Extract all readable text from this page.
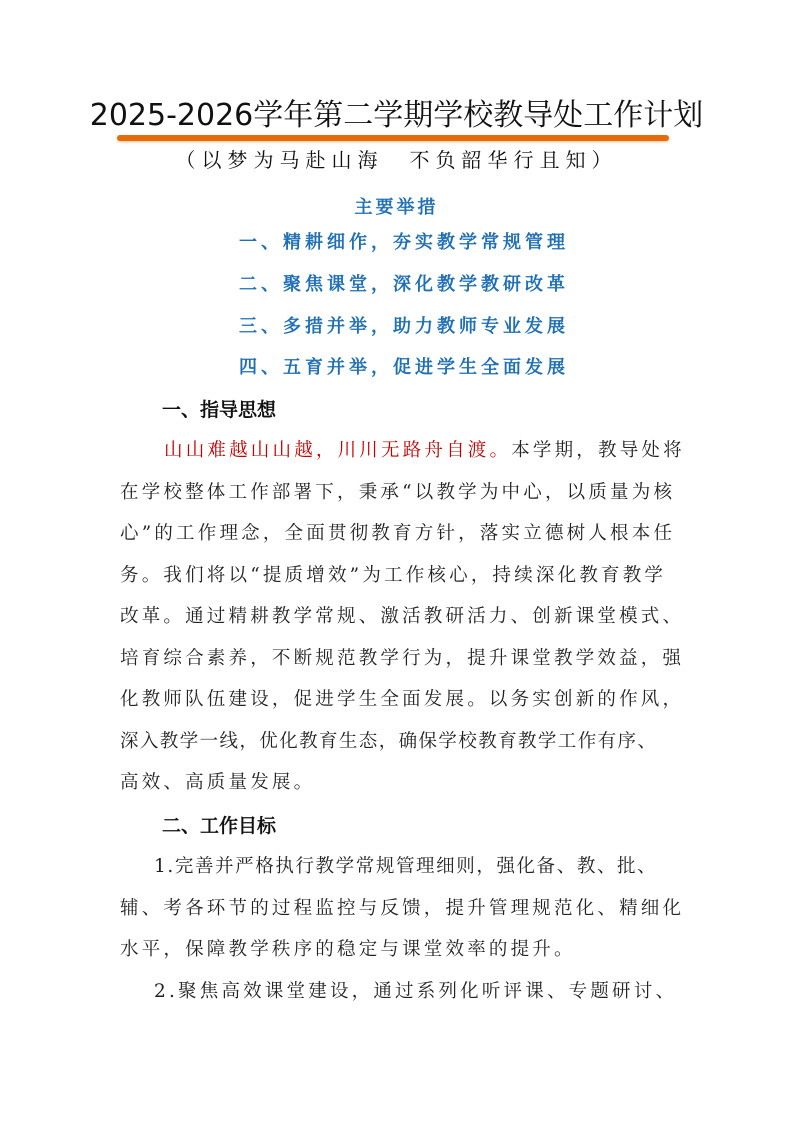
2025-2026学年第二学期学校教导处工作计划
（以梦为马赴山海　不负韶华行且知）
主要举措
一、精耕细作，夯实教学常规管理
二、聚焦课堂，深化教学教研改革
三、多措并举，助力教师专业发展
四、五育并举，促进学生全面发展
一、指导思想
山山难越山山越，川川无路舟自渡。本学期，教导处将
在学校整体工作部署下，秉承“以教学为中心，以质量为核
心”的工作理念，全面贯彻教育方针，落实立德树人根本任
务。我们将以“提质增效”为工作核心，持续深化教育教学
改革。通过精耕教学常规、激活教研活力、创新课堂模式、
培育综合素养，不断规范教学行为，提升课堂教学效益，强
化教师队伍建设，促进学生全面发展。以务实创新的作风，
深入教学一线，优化教育生态，确保学校教育教学工作有序、
高效、高质量发展。
二、工作目标
1.完善并严格执行教学常规管理细则，强化备、教、批、
辅、考各环节的过程监控与反馈，提升管理规范化、精细化
水平，保障教学秩序的稳定与课堂效率的提升。
2.聚焦高效课堂建设，通过系列化听评课、专题研讨、
